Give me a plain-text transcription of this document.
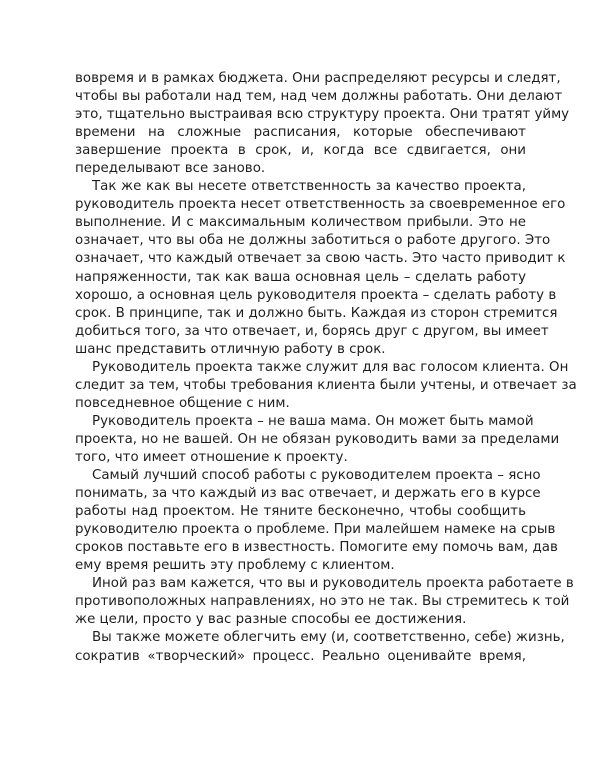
вовремя и в рамках бюджета. Они распределяют ресурсы и следят,
чтобы вы работали над тем, над чем должны работать. Они делают
это, тщательно выстраивая всю структуру проекта. Они тратят уйму
времени на сложные расписания, которые обеспечивают
завершение проекта в срок, и, когда все сдвигается, они
переделывают все заново.
Так же как вы несете ответственность за качество проекта,
руководитель проекта несет ответственность за своевременное его
выполнение. И с максимальным количеством прибыли. Это не
означает, что вы оба не должны заботиться о работе другого. Это
означает, что каждый отвечает за свою часть. Это часто приводит к
напряженности, так как ваша основная цель – сделать работу
хорошо, а основная цель руководителя проекта – сделать работу в
срок. В принципе, так и должно быть. Каждая из сторон стремится
добиться того, за что отвечает, и, борясь друг с другом, вы имеет
шанс представить отличную работу в срок.
Руководитель проекта также служит для вас голосом клиента. Он
следит за тем, чтобы требования клиента были учтены, и отвечает за
повседневное общение с ним.
Руководитель проекта – не ваша мама. Он может быть мамой
проекта, но не вашей. Он не обязан руководить вами за пределами
того, что имеет отношение к проекту.
Самый лучший способ работы с руководителем проекта – ясно
понимать, за что каждый из вас отвечает, и держать его в курсе
работы над проектом. Не тяните бесконечно, чтобы сообщить
руководителю проекта о проблеме. При малейшем намеке на срыв
сроков поставьте его в известность. Помогите ему помочь вам, дав
ему время решить эту проблему с клиентом.
Иной раз вам кажется, что вы и руководитель проекта работаете в
противоположных направлениях, но это не так. Вы стремитесь к той
же цели, просто у вас разные способы ее достижения.
Вы также можете облегчить ему (и, соответственно, себе) жизнь,
сократив «творческий» процесс. Реально оценивайте время,
